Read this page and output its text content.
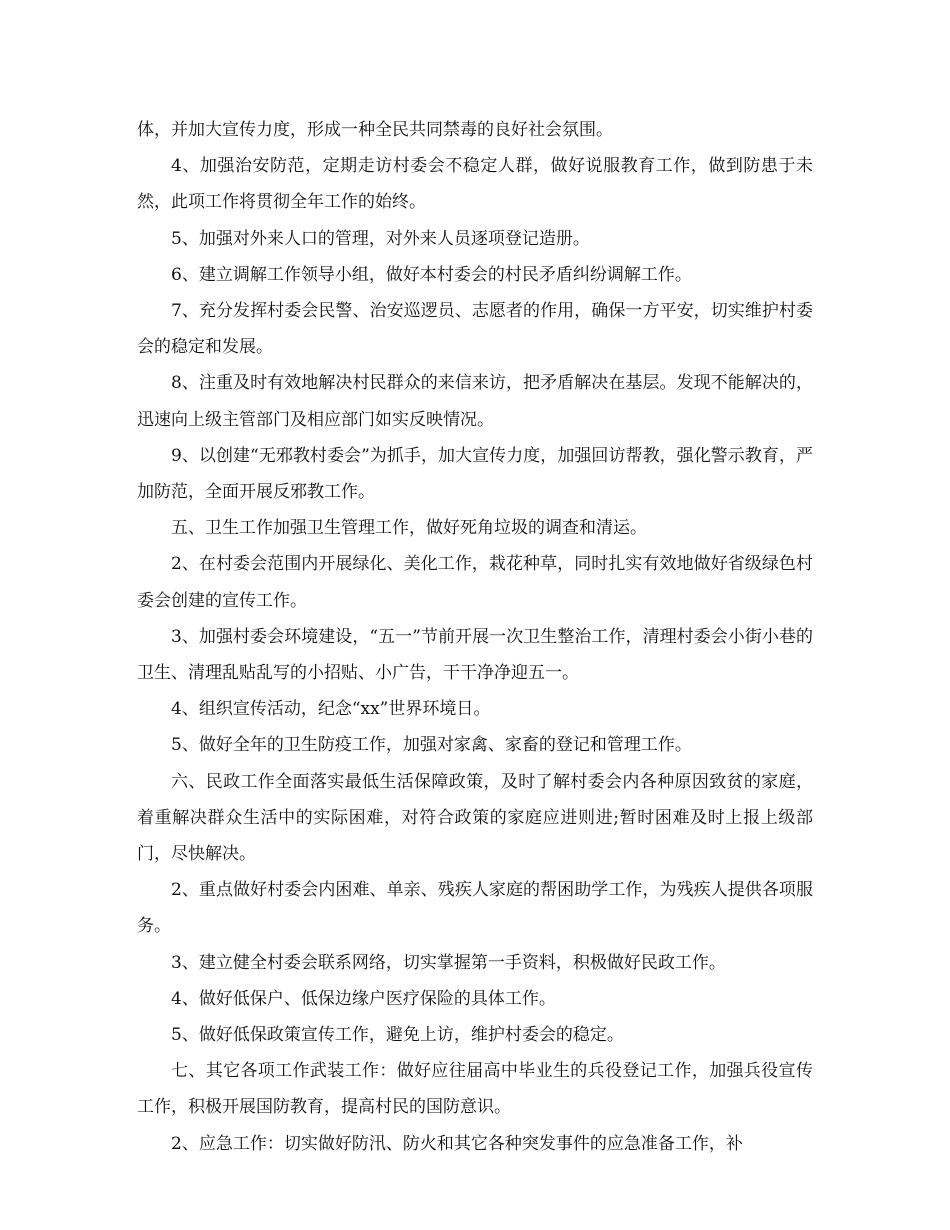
体，并加大宣传力度，形成一种全民共同禁毒的良好社会氛围。

4、加强治安防范，定期走访村委会不稳定人群，做好说服教育工作，做到防患于未然，此项工作将贯彻全年工作的始终。

5、加强对外来人口的管理，对外来人员逐项登记造册。

6、建立调解工作领导小组，做好本村委会的村民矛盾纠纷调解工作。

7、充分发挥村委会民警、治安巡逻员、志愿者的作用，确保一方平安，切实维护村委会的稳定和发展。

8、注重及时有效地解决村民群众的来信来访，把矛盾解决在基层。发现不能解决的，迅速向上级主管部门及相应部门如实反映情况。

9、以创建“无邪教村委会”为抓手，加大宣传力度，加强回访帮教，强化警示教育，严加防范，全面开展反邪教工作。

五、卫生工作加强卫生管理工作，做好死角垃圾的调查和清运。

2、在村委会范围内开展绿化、美化工作，栽花种草，同时扎实有效地做好省级绿色村委会创建的宣传工作。

3、加强村委会环境建设，“五一”节前开展一次卫生整治工作，清理村委会小街小巷的卫生、清理乱贴乱写的小招贴、小广告，干干净净迎五一。

4、组织宣传活动，纪念“xx”世界环境日。

5、做好全年的卫生防疫工作，加强对家禽、家畜的登记和管理工作。

六、民政工作全面落实最低生活保障政策，及时了解村委会内各种原因致贫的家庭，着重解决群众生活中的实际困难，对符合政策的家庭应进则进;暂时困难及时上报上级部门，尽快解决。

2、重点做好村委会内困难、单亲、残疾人家庭的帮困助学工作，为残疾人提供各项服务。

3、建立健全村委会联系网络，切实掌握第一手资料，积极做好民政工作。

4、做好低保户、低保边缘户医疗保险的具体工作。

5、做好低保政策宣传工作，避免上访，维护村委会的稳定。

七、其它各项工作武装工作：做好应往届高中毕业生的兵役登记工作，加强兵役宣传工作，积极开展国防教育，提高村民的国防意识。

2、应急工作：切实做好防汛、防火和其它各种突发事件的应急准备工作，补
